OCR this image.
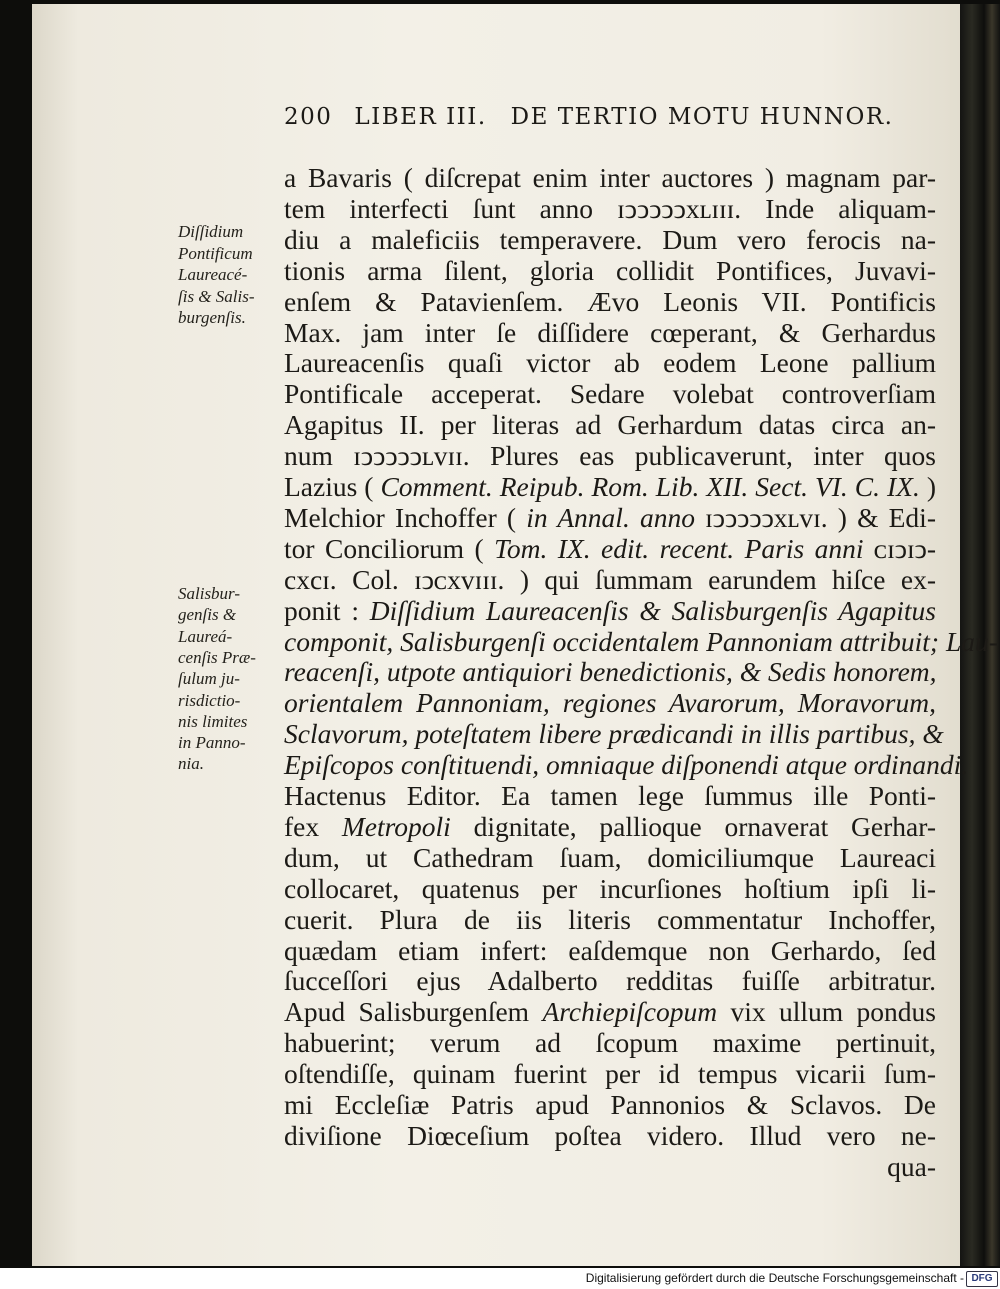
200 LIBER III. DE TERTIO MOTU HUNNOR.
a Bavaris ( diſcrepat enim inter auctores ) magnam par-
tem interfecti ſunt anno ɪↄↄↄↄↄxʟɪɪɪ. Inde aliquam-
diu a maleficiis temperavere. Dum vero ferocis na-
tionis arma ſilent, gloria collidit Pontifices, Juvavi-
enſem & Patavienſem. Ævo Leonis VII. Pontificis
Max. jam inter ſe diſſidere cœperant, & Gerhardus
Laureacenſis quaſi victor ab eodem Leone pallium
Pontificale acceperat. Sedare volebat controverſiam
Agapitus II. per literas ad Gerhardum datas circa an-
num ɪↄↄↄↄↄʟᴠɪɪ. Plures eas publicaverunt, inter quos
Lazius ( Comment. Reipub. Rom. Lib. XII. Sect. VI. C. IX. )
Melchior Inchoffer ( in Annal. anno ɪↄↄↄↄↄxʟᴠɪ. ) & Edi-
tor Conciliorum ( Tom. IX. edit. recent. Paris anni ᴄɪↄɪↄ-
cxcɪ. Col. ɪↄᴄxᴠɪɪɪ. ) qui ſummam earundem hiſce ex-
ponit : Diſſidium Laureacenſis & Salisburgenſis Agapitus
componit, Salisburgenſi occidentalem Pannoniam attribuit; Lau-
reacenſi, utpote antiquiori benedictionis, & Sedis honorem,
orientalem Pannoniam, regiones Avarorum, Moravorum,
Sclavorum, poteſtatem libere prædicandi in illis partibus, &
Epiſcopos conſtituendi, omniaque diſponendi atque ordinandi.
Hactenus Editor. Ea tamen lege ſummus ille Ponti-
fex Metropoli dignitate, pallioque ornaverat Gerhar-
dum, ut Cathedram ſuam, domiciliumque Laureaci
collocaret, quatenus per incurſiones hoſtium ipſi li-
cuerit. Plura de iis literis commentatur Inchoffer,
quædam etiam infert: eaſdemque non Gerhardo, ſed
ſucceſſori ejus Adalberto redditas fuiſſe arbitratur.
Apud Salisburgenſem Archiepiſcopum vix ullum pondus
habuerint; verum ad ſcopum maxime pertinuit,
oſtendiſſe, quinam fuerint per id tempus vicarii ſum-
mi Eccleſiæ Patris apud Pannonios & Sclavos. De
diviſione Diœceſium poſtea videro. Illud vero ne-
qua-
Diſſidium
Pontificum
Laureacé-
ſis & Salis-
burgenſis.
Salisbur-
genſis &
Laureá-
cenſis Præ-
ſulum ju-
risdictio-
nis limites
in Panno-
nia.
Digitalisierung gefördert durch die Deutsche Forschungsgemeinschaft - DFG
